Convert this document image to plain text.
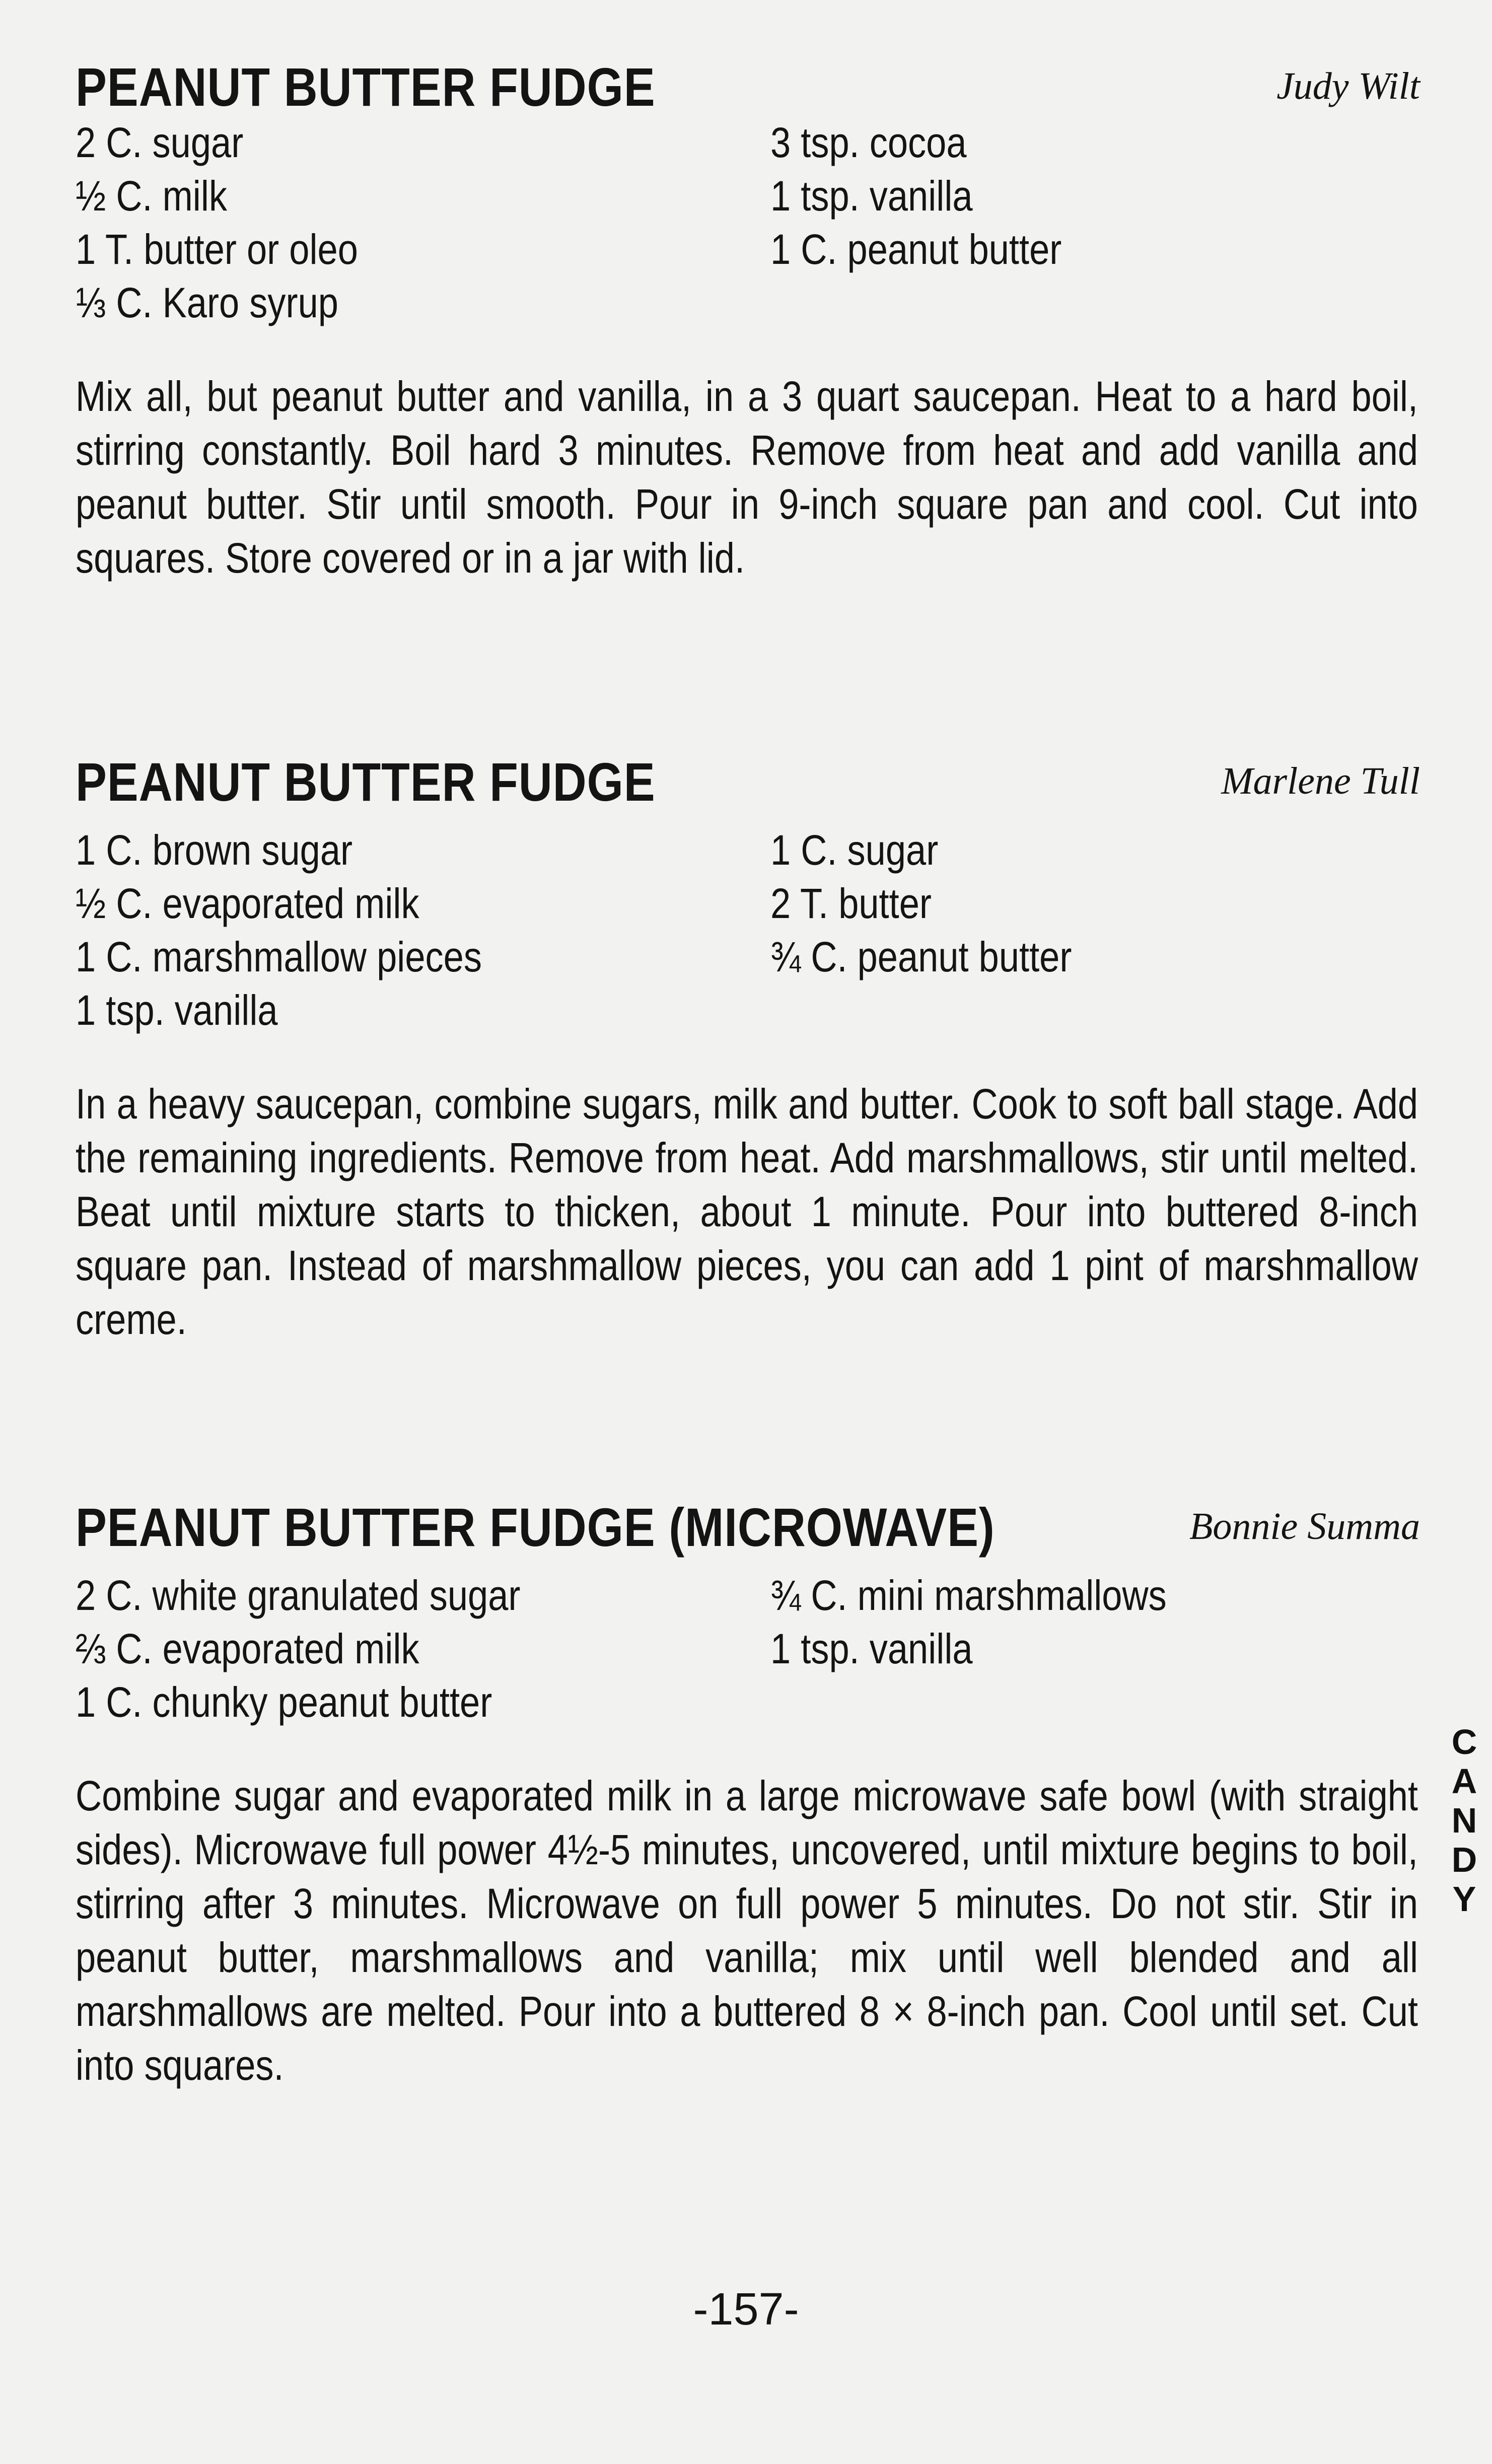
PEANUT BUTTER FUDGE	Judy Wilt
2 C. sugar
½ C. milk
1 T. butter or oleo
⅓ C. Karo syrup
3 tsp. cocoa
1 tsp. vanilla
1 C. peanut butter

Mix all, but peanut butter and vanilla, in a 3 quart saucepan. Heat to a hard boil, stirring constantly. Boil hard 3 minutes. Remove from heat and add vanilla and peanut butter. Stir until smooth. Pour in 9-inch square pan and cool. Cut into squares. Store covered or in a jar with lid.

PEANUT BUTTER FUDGE	Marlene Tull
1 C. brown sugar
½ C. evaporated milk
1 C. marshmallow pieces
1 tsp. vanilla
1 C. sugar
2 T. butter
¾ C. peanut butter

In a heavy saucepan, combine sugars, milk and butter. Cook to soft ball stage. Add the remaining ingredients. Remove from heat. Add marshmallows, stir until melted. Beat until mixture starts to thicken, about 1 minute. Pour into buttered 8-inch square pan. Instead of marshmallow pieces, you can add 1 pint of marshmallow creme.

PEANUT BUTTER FUDGE (MICROWAVE)	Bonnie Summa
2 C. white granulated sugar
⅔ C. evaporated milk
1 C. chunky peanut butter
¾ C. mini marshmallows
1 tsp. vanilla

Combine sugar and evaporated milk in a large microwave safe bowl (with straight sides). Microwave full power 4½-5 minutes, uncovered, until mixture begins to boil, stirring after 3 minutes. Microwave on full power 5 minutes. Do not stir. Stir in peanut butter, marshmallows and vanilla; mix until well blended and all marshmallows are melted. Pour into a buttered 8 × 8-inch pan. Cool until set. Cut into squares.

C
A
N
D
Y
-157-
